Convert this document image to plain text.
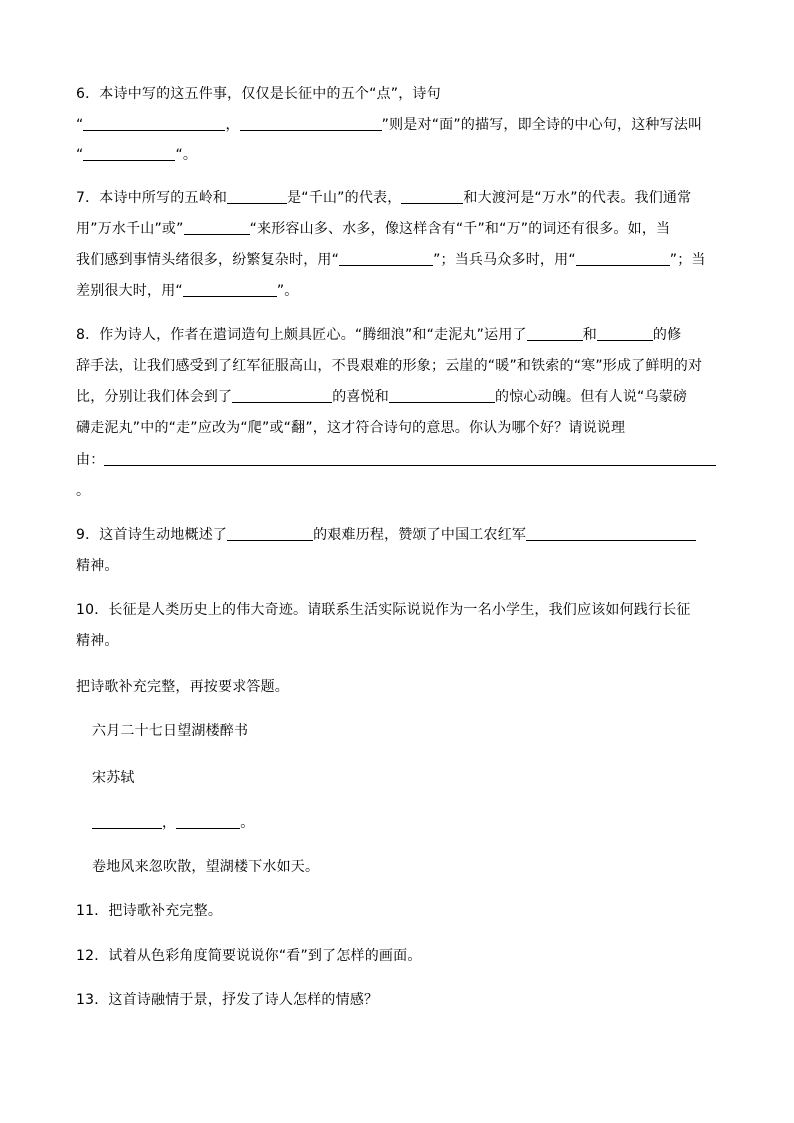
6．本诗中写的这五件事，仅仅是长征中的五个“点”，诗句
“	，	”则是对“面”的描写，即全诗的中心句，这种写法叫
“	“。
7．本诗中所写的五岭和	是“千山”的代表，	和大渡河是“万水”的代表。我们通常
用”万水千山”或”	“来形容山多、水多，像这样含有“千”和“万”的词还有很多。如，当
我们感到事情头绪很多，纷繁复杂时，用“	”；当兵马众多时，用“	”；当
差别很大时，用“	”。
8．作为诗人，作者在遣词造句上颇具匠心。“腾细浪”和“走泥丸”运用了	和	的修
辞手法，让我们感受到了红军征服高山，不畏艰难的形象；云崖的“暖”和铁索的“寒”形成了鲜明的对
比，分别让我们体会到了	的喜悦和	的惊心动魄。但有人说“乌蒙磅
礴走泥丸”中的“走”应改为“爬”或“翻”，这才符合诗句的意思。你认为哪个好？请说说理
由：
。
9．这首诗生动地概述了	的艰难历程，赞颂了中国工农红军
精神。
10．长征是人类历史上的伟大奇迹。请联系生活实际说说作为一名小学生，我们应该如何践行长征
精神。
把诗歌补充完整，再按要求答题。
六月二十七日望湖楼醉书
宋苏轼
，	。
卷地风来忽吹散，望湖楼下水如天。
11．把诗歌补充完整。
12．试着从色彩角度简要说说你“看”到了怎样的画面。
13．这首诗融情于景，抒发了诗人怎样的情感？
